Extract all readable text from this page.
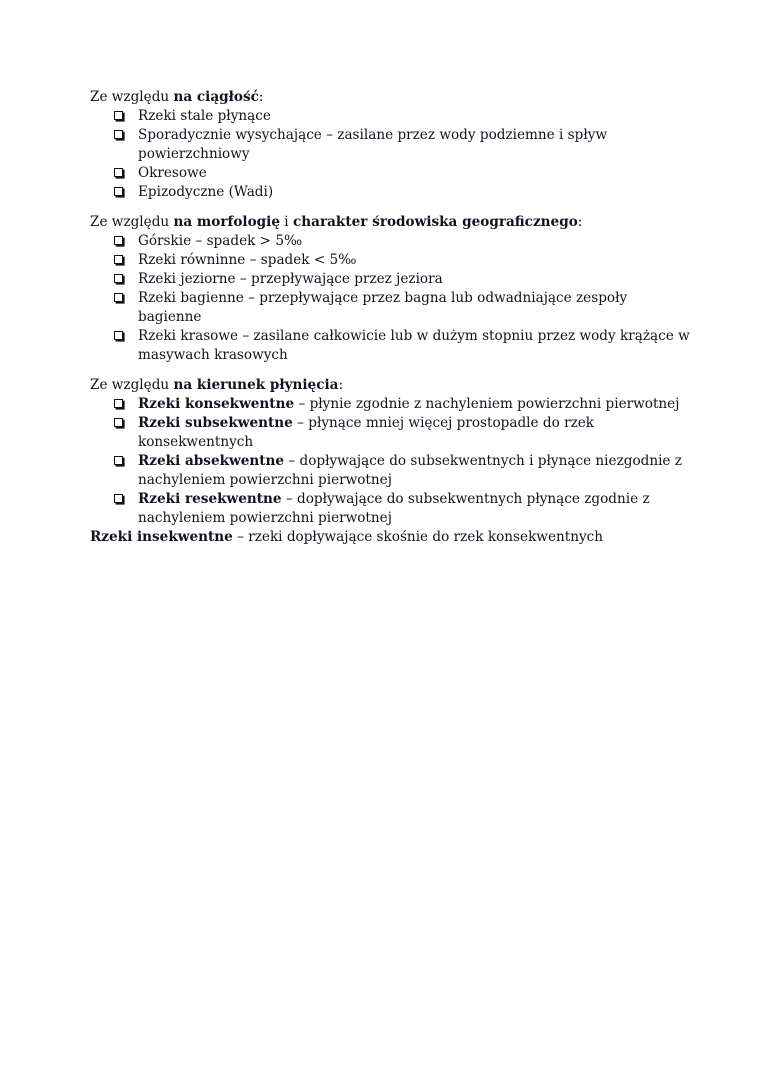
Ze względu na ciągłość:

Rzeki stale płynące
Sporadycznie wysychające – zasilane przez wody podziemne i spływ powierzchniowy
Okresowe
Epizodyczne (Wadi)

Ze względu na morfologię i charakter środowiska geograficznego:

Górskie – spadek > 5‰
Rzeki równinne – spadek < 5‰
Rzeki jeziorne – przepływające przez jeziora
Rzeki bagienne – przepływające przez bagna lub odwadniające zespoły bagienne
Rzeki krasowe – zasilane całkowicie lub w dużym stopniu przez wody krążące w masywach krasowych

Ze względu na kierunek płynięcia:

Rzeki konsekwentne – płynie zgodnie z nachyleniem powierzchni pierwotnej
Rzeki subsekwentne – płynące mniej więcej prostopadle do rzek konsekwentnych
Rzeki absekwentne – dopływające do subsekwentnych i płynące niezgodnie z nachyleniem powierzchni pierwotnej
Rzeki resekwentne – dopływające do subsekwentnych płynące zgodnie z nachyleniem powierzchni pierwotnej

Rzeki insekwentne – rzeki dopływające skośnie do rzek konsekwentnych
